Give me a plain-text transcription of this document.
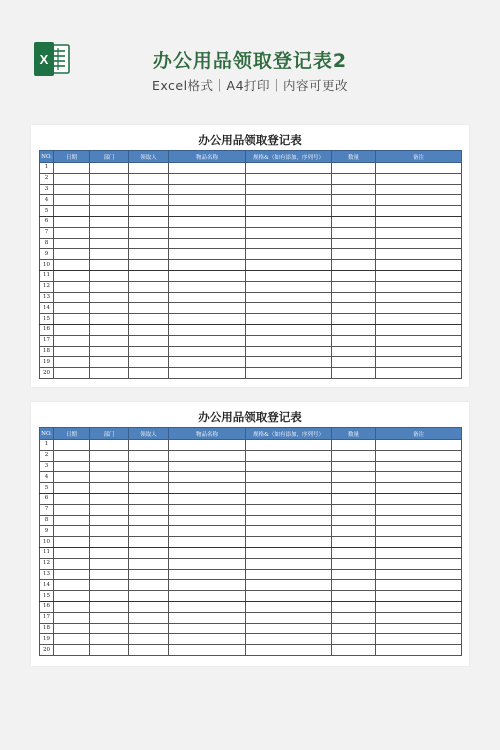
X	办公用品领取登记表2
Excel格式｜A4打印｜内容可更改
办公用品领取登记表
NO.	日期	部门	领取人	物品名称	规格&（如有添加，序列号）	数量	备注
1							
2							
3							
4							
5							
6							
7							
8							
9							
10							
11							
12							
13							
14							
15							
16							
17							
18							
19							
20							
办公用品领取登记表
NO.	日期	部门	领取人	物品名称	规格&（如有添加，序列号）	数量	备注
1							
2							
3							
4							
5							
6							
7							
8							
9							
10							
11							
12							
13							
14							
15							
16							
17							
18							
19							
20							
